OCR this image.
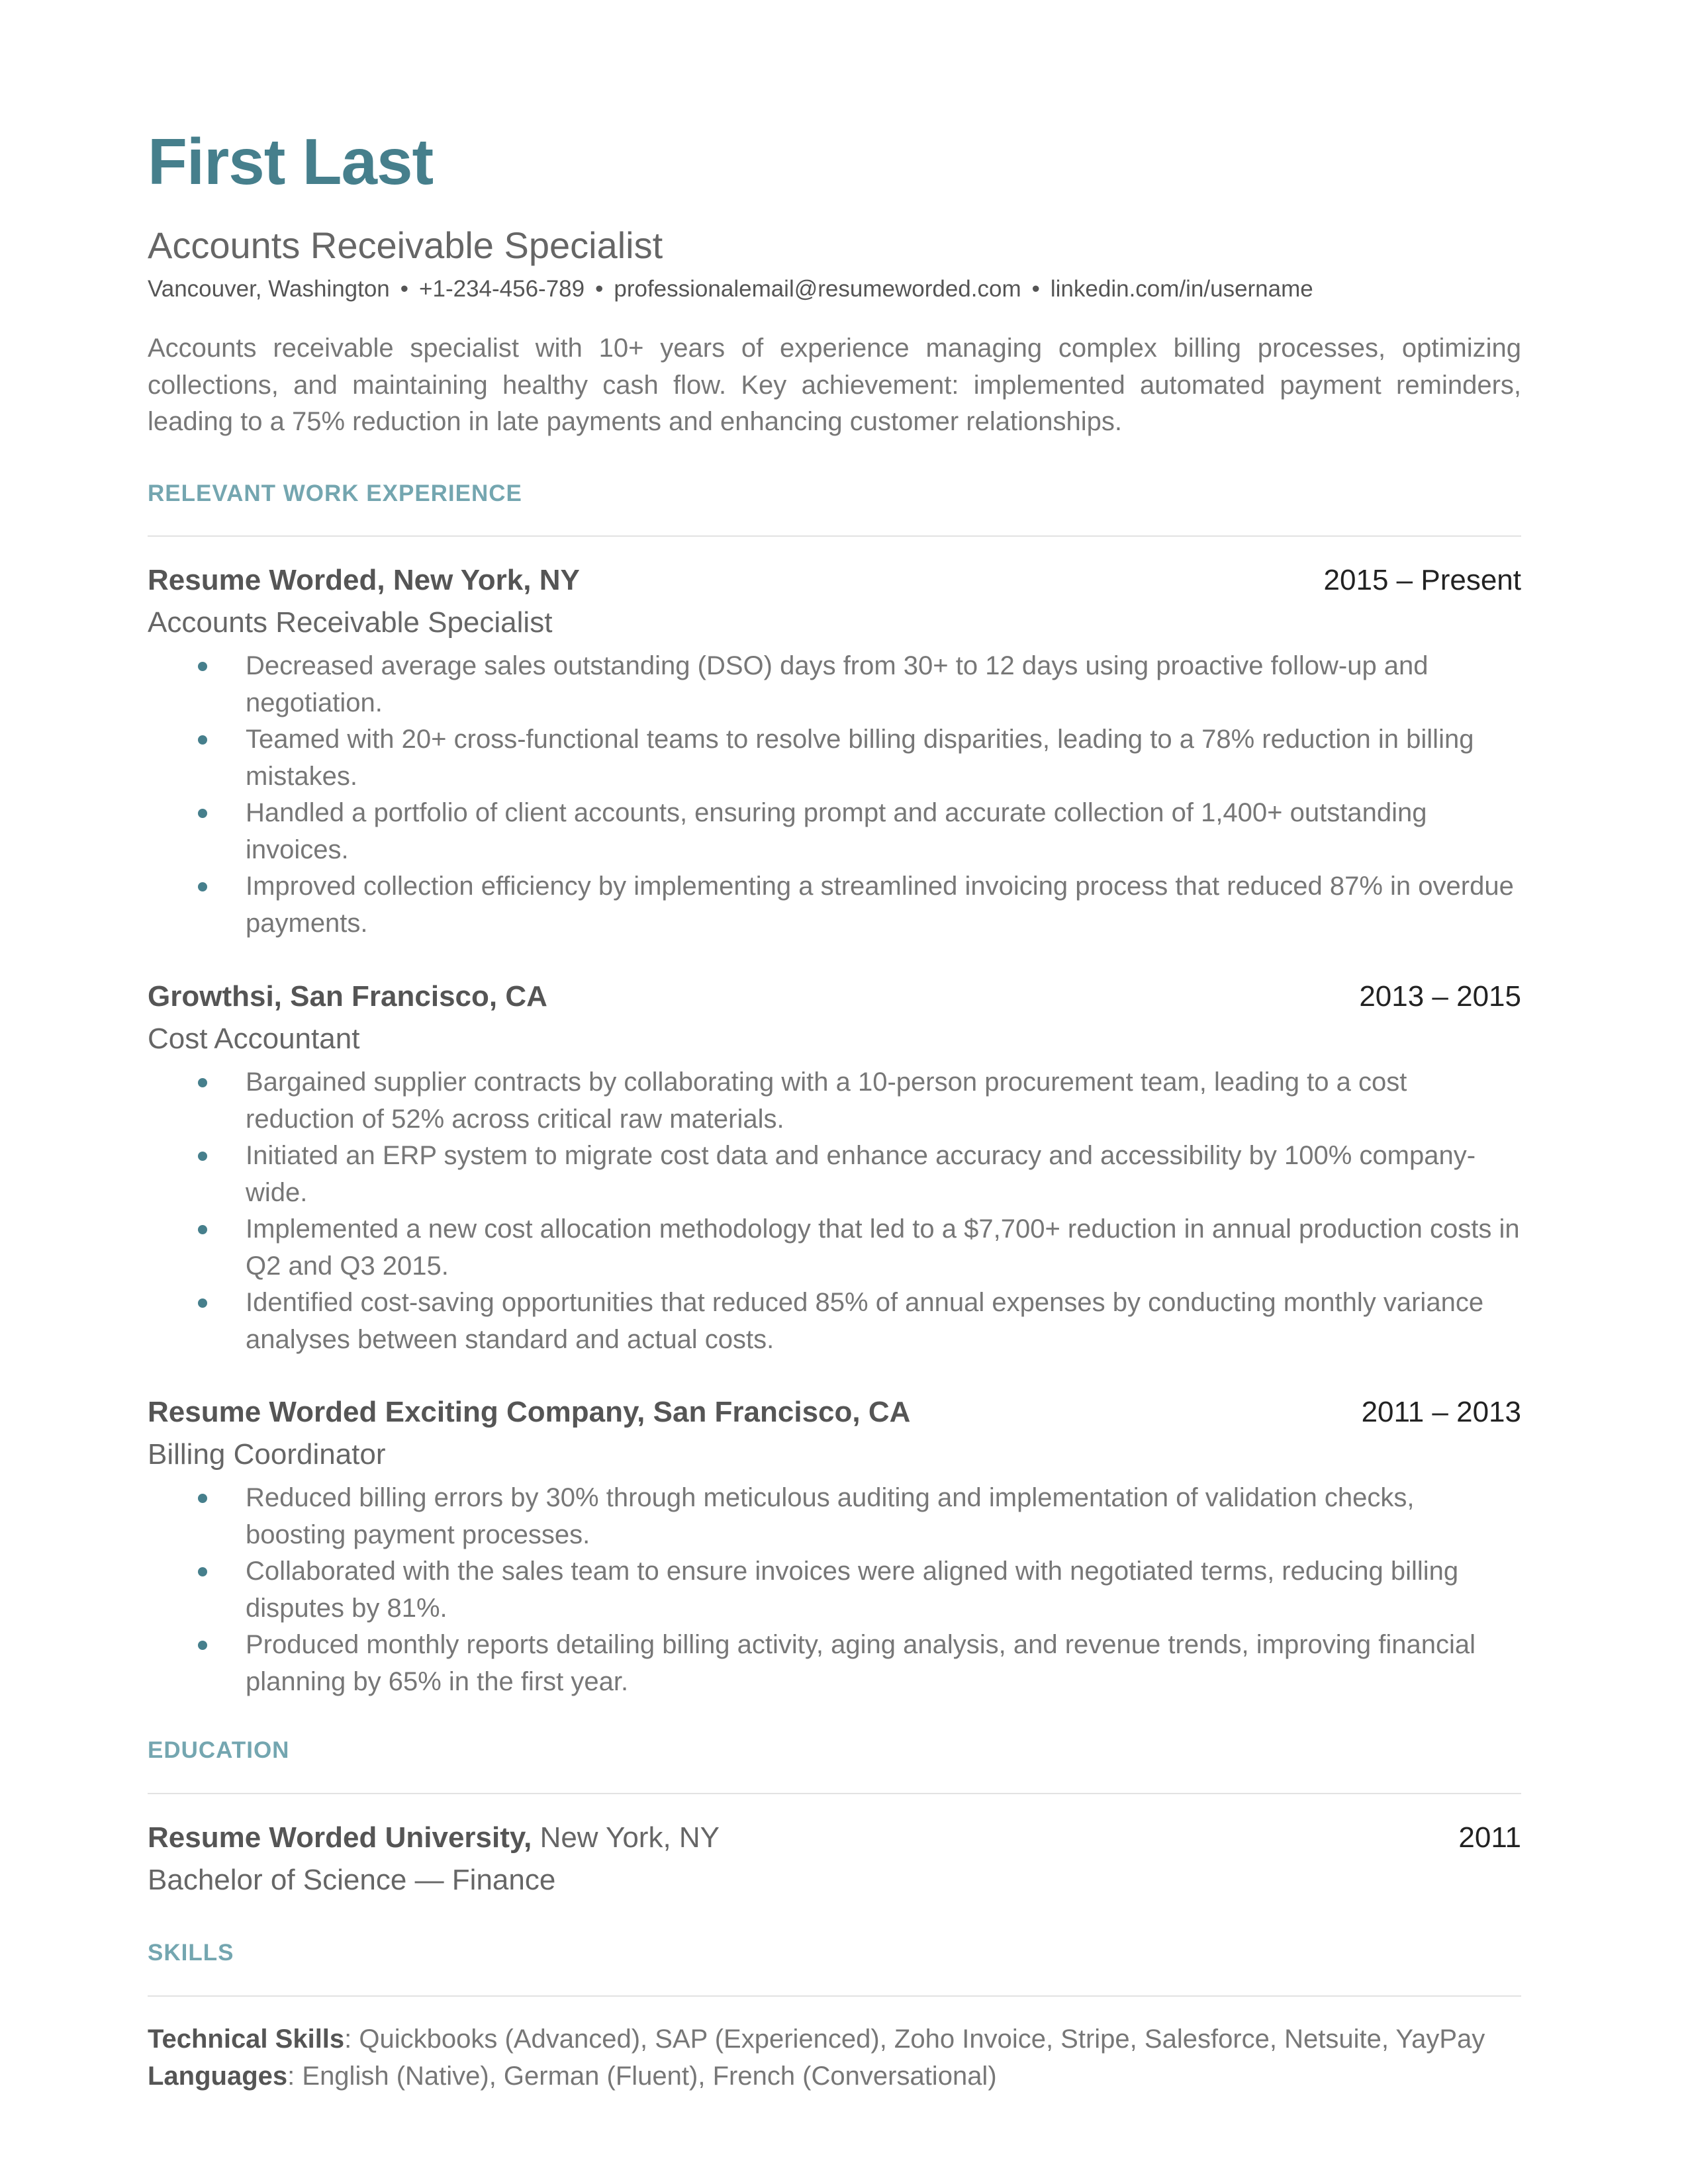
First Last
Accounts Receivable Specialist
Vancouver, Washington • +1-234-456-789 • professionalemail@resumeworded.com • linkedin.com/in/username
Accounts receivable specialist with 10+ years of experience managing complex billing processes, optimizing collections, and maintaining healthy cash flow. Key achievement: implemented automated payment reminders, leading to a 75% reduction in late payments and enhancing customer relationships.
RELEVANT WORK EXPERIENCE
Resume Worded, New York, NY	2015 – Present
Accounts Receivable Specialist
Decreased average sales outstanding (DSO) days from 30+ to 12 days using proactive follow-up and negotiation.
Teamed with 20+ cross-functional teams to resolve billing disparities, leading to a 78% reduction in billing mistakes.
Handled a portfolio of client accounts, ensuring prompt and accurate collection of 1,400+ outstanding invoices.
Improved collection efficiency by implementing a streamlined invoicing process that reduced 87% in overdue payments.
Growthsi, San Francisco, CA	2013 – 2015
Cost Accountant
Bargained supplier contracts by collaborating with a 10-person procurement team, leading to a cost reduction of 52% across critical raw materials.
Initiated an ERP system to migrate cost data and enhance accuracy and accessibility by 100% company-wide.
Implemented a new cost allocation methodology that led to a $7,700+ reduction in annual production costs in Q2 and Q3 2015.
Identified cost-saving opportunities that reduced 85% of annual expenses by conducting monthly variance analyses between standard and actual costs.
Resume Worded Exciting Company, San Francisco, CA	2011 – 2013
Billing Coordinator
Reduced billing errors by 30% through meticulous auditing and implementation of validation checks, boosting payment processes.
Collaborated with the sales team to ensure invoices were aligned with negotiated terms, reducing billing disputes by 81%.
Produced monthly reports detailing billing activity, aging analysis, and revenue trends, improving financial planning by 65% in the first year.
EDUCATION
Resume Worded University, New York, NY	2011
Bachelor of Science — Finance
SKILLS
Technical Skills: Quickbooks (Advanced), SAP (Experienced), Zoho Invoice, Stripe, Salesforce, Netsuite, YayPay
Languages: English (Native), German (Fluent), French (Conversational)
